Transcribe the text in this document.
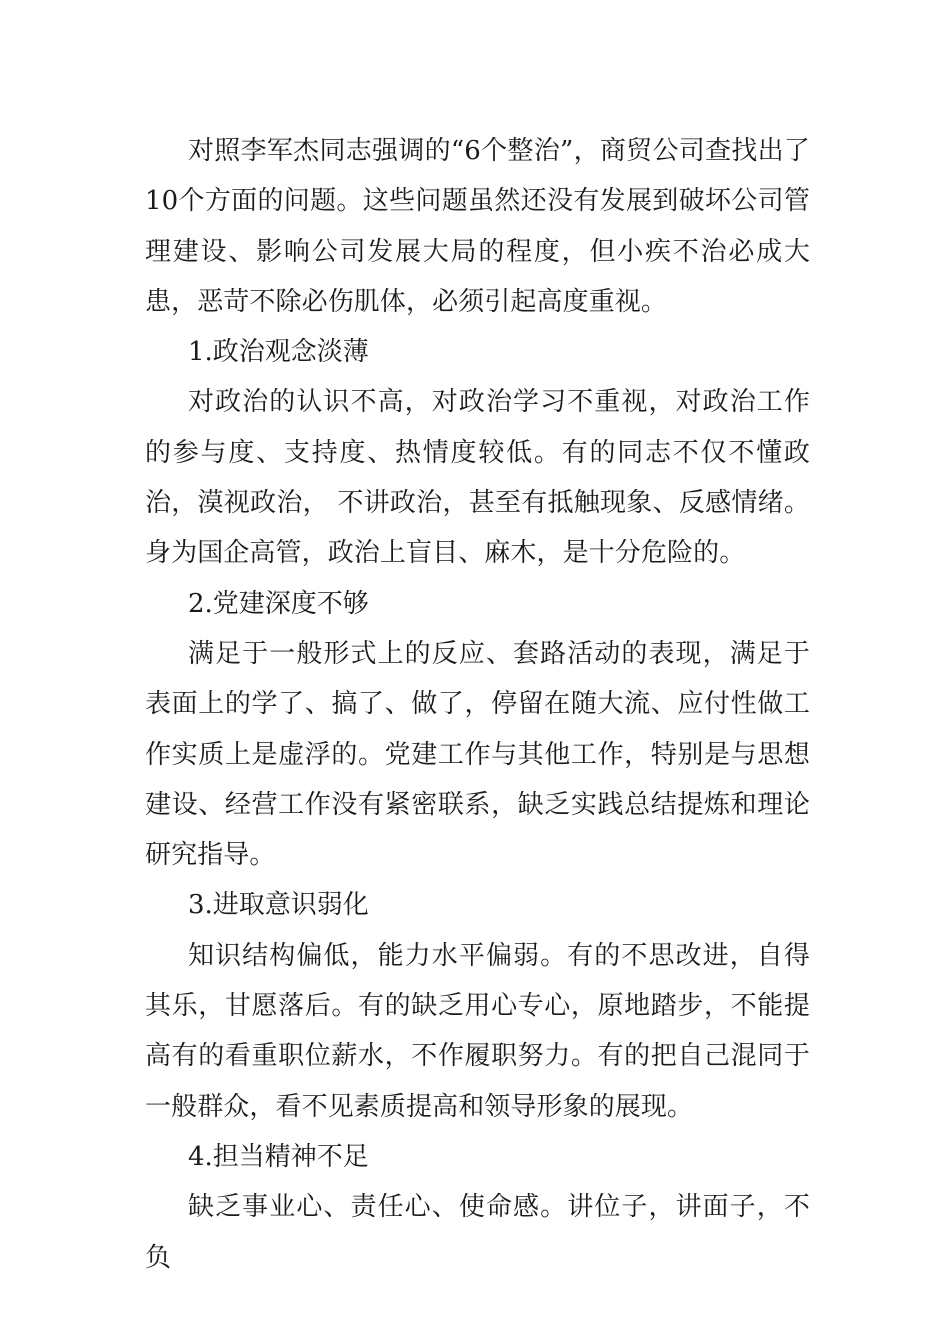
对照李军杰同志强调的“6个整治”，商贸公司查找出了10个方面的问题。这些问题虽然还没有发展到破坏公司管理建设、影响公司发展大局的程度，但小疾不治必成大患，恶苛不除必伤肌体，必须引起高度重视。

1.政治观念淡薄

对政治的认识不高，对政治学习不重视，对政治工作的参与度、支持度、热情度较低。有的同志不仅不懂政治，漠视政治， 不讲政治，甚至有抵触现象、反感情绪。身为国企高管，政治上盲目、麻木，是十分危险的。

2.党建深度不够

满足于一般形式上的反应、套路活动的表现，满足于表面上的学了、搞了、做了，停留在随大流、应付性做工作实质上是虚浮的。党建工作与其他工作，特别是与思想建设、经营工作没有紧密联系，缺乏实践总结提炼和理论研究指导。

3.进取意识弱化

知识结构偏低，能力水平偏弱。有的不思改进，自得其乐，甘愿落后。有的缺乏用心专心，原地踏步，不能提高有的看重职位薪水，不作履职努力。有的把自己混同于一般群众，看不见素质提高和领导形象的展现。

4.担当精神不足

缺乏事业心、责任心、使命感。讲位子，讲面子，不负
